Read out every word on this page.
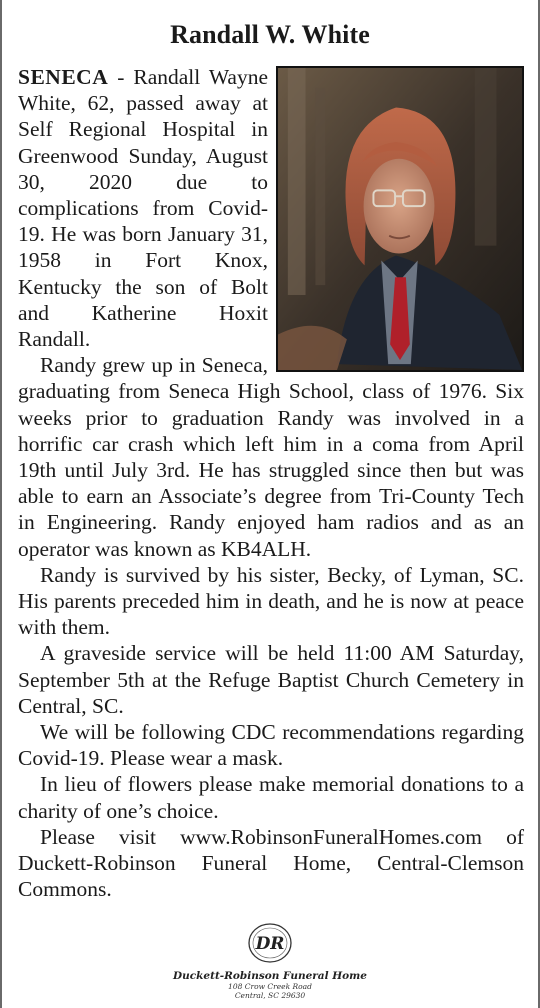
Randall W. White

SENECA - Randall Wayne White, 62, passed away at Self Regional Hospital in Greenwood Sunday, August 30, 2020 due to complications from Covid-19. He was born January 31, 1958 in Fort Knox, Kentucky the son of Bolt and Katherine Hoxit Randall.

Randy grew up in Seneca, graduating from Seneca High School, class of 1976. Six weeks prior to graduation Randy was involved in a horrific car crash which left him in a coma from April 19th until July 3rd. He has struggled since then but was able to earn an Associate’s degree from Tri-County Tech in Engineering. Randy enjoyed ham radios and as an operator was known as KB4ALH.

Randy is survived by his sister, Becky, of Lyman, SC. His parents preceded him in death, and he is now at peace with them.

A graveside service will be held 11:00 AM Saturday, September 5th at the Refuge Baptist Church Cemetery in Central, SC.

We will be following CDC recommendations regarding Covid-19. Please wear a mask.

In lieu of flowers please make memorial donations to a charity of one’s choice.

Please visit www.RobinsonFuneralHomes.com of Duckett-Robinson Funeral Home, Central-Clemson Commons.

DR
Duckett-Robinson Funeral Home
108 Crow Creek Road
Central, SC 29630
